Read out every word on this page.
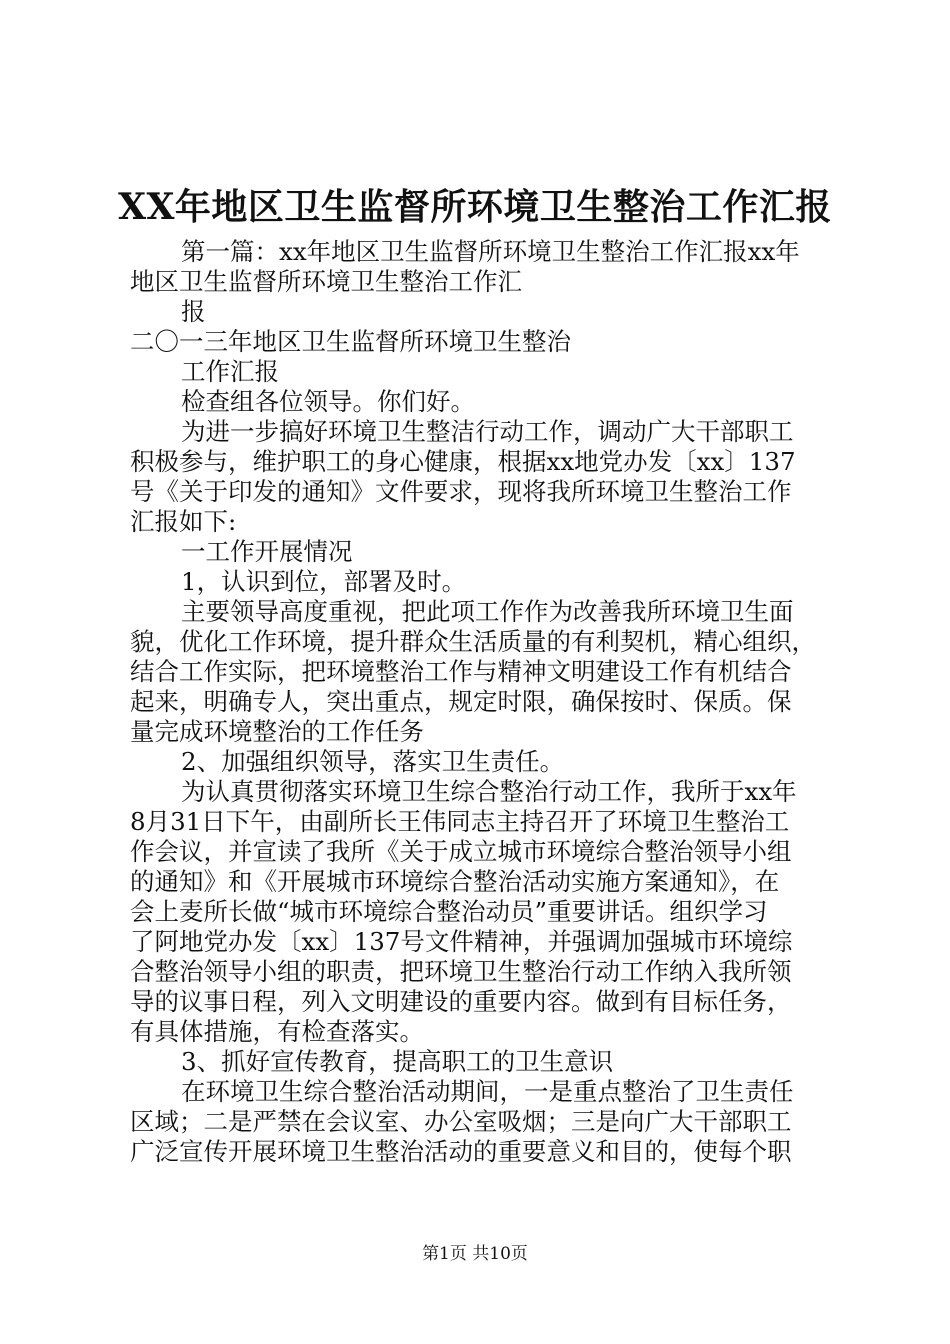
XX年地区卫生监督所环境卫生整治工作汇报
第一篇：xx年地区卫生监督所环境卫生整治工作汇报xx年
地区卫生监督所环境卫生整治工作汇
报
二〇一三年地区卫生监督所环境卫生整治
工作汇报
检查组各位领导。你们好。
为进一步搞好环境卫生整洁行动工作，调动广大干部职工
积极参与，维护职工的身心健康，根据xx地党办发〔xx〕137
号《关于印发的通知》文件要求，现将我所环境卫生整治工作
汇报如下:
一工作开展情况
1，认识到位，部署及时。
主要领导高度重视，把此项工作作为改善我所环境卫生面
貌，优化工作环境，提升群众生活质量的有利契机，精心组织，
结合工作实际，把环境整治工作与精神文明建设工作有机结合
起来，明确专人，突出重点，规定时限，确保按时、保质。保
量完成环境整治的工作任务
2、加强组织领导，落实卫生责任。
为认真贯彻落实环境卫生综合整治行动工作，我所于xx年
8月31日下午，由副所长王伟同志主持召开了环境卫生整治工
作会议，并宣读了我所《关于成立城市环境综合整治领导小组
的通知》和《开展城市环境综合整治活动实施方案通知》，在
会上麦所长做“城市环境综合整治动员”重要讲话。组织学习
了阿地党办发〔xx〕137号文件精神，并强调加强城市环境综
合整治领导小组的职责，把环境卫生整治行动工作纳入我所领
导的议事日程，列入文明建设的重要内容。做到有目标任务，
有具体措施，有检查落实。
3、抓好宣传教育，提高职工的卫生意识
在环境卫生综合整治活动期间，一是重点整治了卫生责任
区域；二是严禁在会议室、办公室吸烟；三是向广大干部职工
广泛宣传开展环境卫生整治活动的重要意义和目的，使每个职
第1页 共10页
